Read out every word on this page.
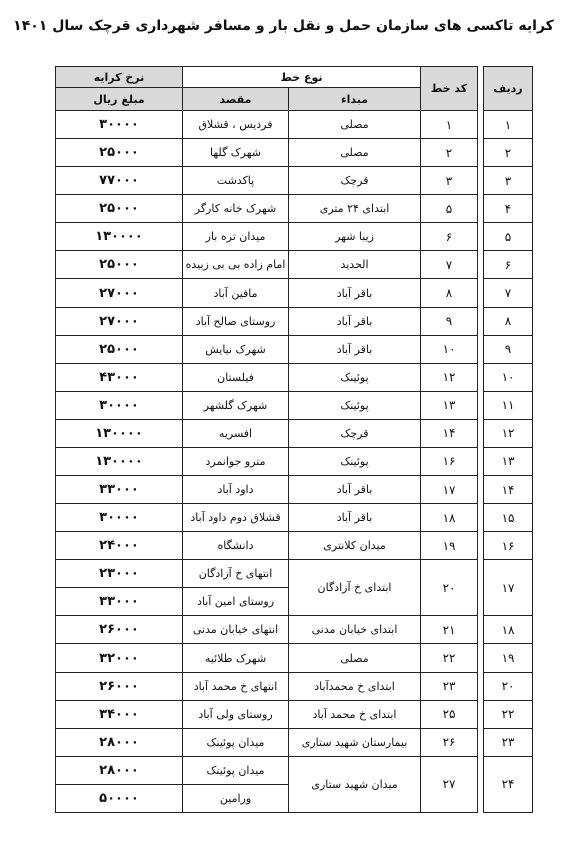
کرایه تاکسی های سازمان حمل و نقل بار و مسافر شهرداری قرچک سال ۱۴۰۱
ردیف		کد خط	نوع خط		نرخ کرایه
			مبداء	مقصد	مبلغ ریال
۱		۱	مصلی	فردیس ، قشلاق	۳۰۰۰۰
۲		۲	مصلی	شهرک گلها	۲۵۰۰۰
۳		۳	قرچک	پاکدشت	۷۷۰۰۰
۴		۵	ابتدای ۲۴ متری	شهرک خانه کارگر	۲۵۰۰۰
۵		۶	زیبا شهر	میدان تره بار	۱۳۰۰۰۰
۶		۷	الحدید	امام زاده بی بی زبیده	۲۵۰۰۰
۷		۸	باقر آباد	مافین آباد	۲۷۰۰۰
۸		۹	باقر آباد	روستای صالح آباد	۲۷۰۰۰
۹		۱۰	باقر آباد	شهرک نیایش	۲۵۰۰۰
۱۰		۱۲	پوئینک	فیلستان	۴۳۰۰۰
۱۱		۱۳	پوئینک	شهرک گلشهر	۳۰۰۰۰
۱۲		۱۴	قرچک	افسریه	۱۳۰۰۰۰
۱۳		۱۶	پوئینک	مترو جوانمرد	۱۳۰۰۰۰
۱۴		۱۷	باقر آباد	داود آباد	۳۳۰۰۰
۱۵		۱۸	باقر آباد	قشلاق دوم داود آباد	۳۰۰۰۰
۱۶		۱۹	میدان کلانتری	دانشگاه	۲۴۰۰۰
۱۷		۲۰	ابتدای خ آزادگان	انتهای خ آزادگان	۲۳۰۰۰
				روستای امین آباد	۳۳۰۰۰
۱۸		۲۱	ابتدای خیابان مدنی	انتهای خیابان مدنی	۲۶۰۰۰
۱۹		۲۲	مصلی	شهرک طلائیه	۳۲۰۰۰
۲۰		۲۳	ابتدای خ محمدآباد	انتهای خ محمد آباد	۲۶۰۰۰
۲۲		۲۵	ابتدای خ محمد آباد	روستای ولی آباد	۳۴۰۰۰
۲۳		۲۶	بیمارستان شهید ستاری	میدان پوئینک	۲۸۰۰۰
۲۴		۲۷	میدان شهید ستاری	میدان پوئینک	۲۸۰۰۰
				ورامین	۵۰۰۰۰
